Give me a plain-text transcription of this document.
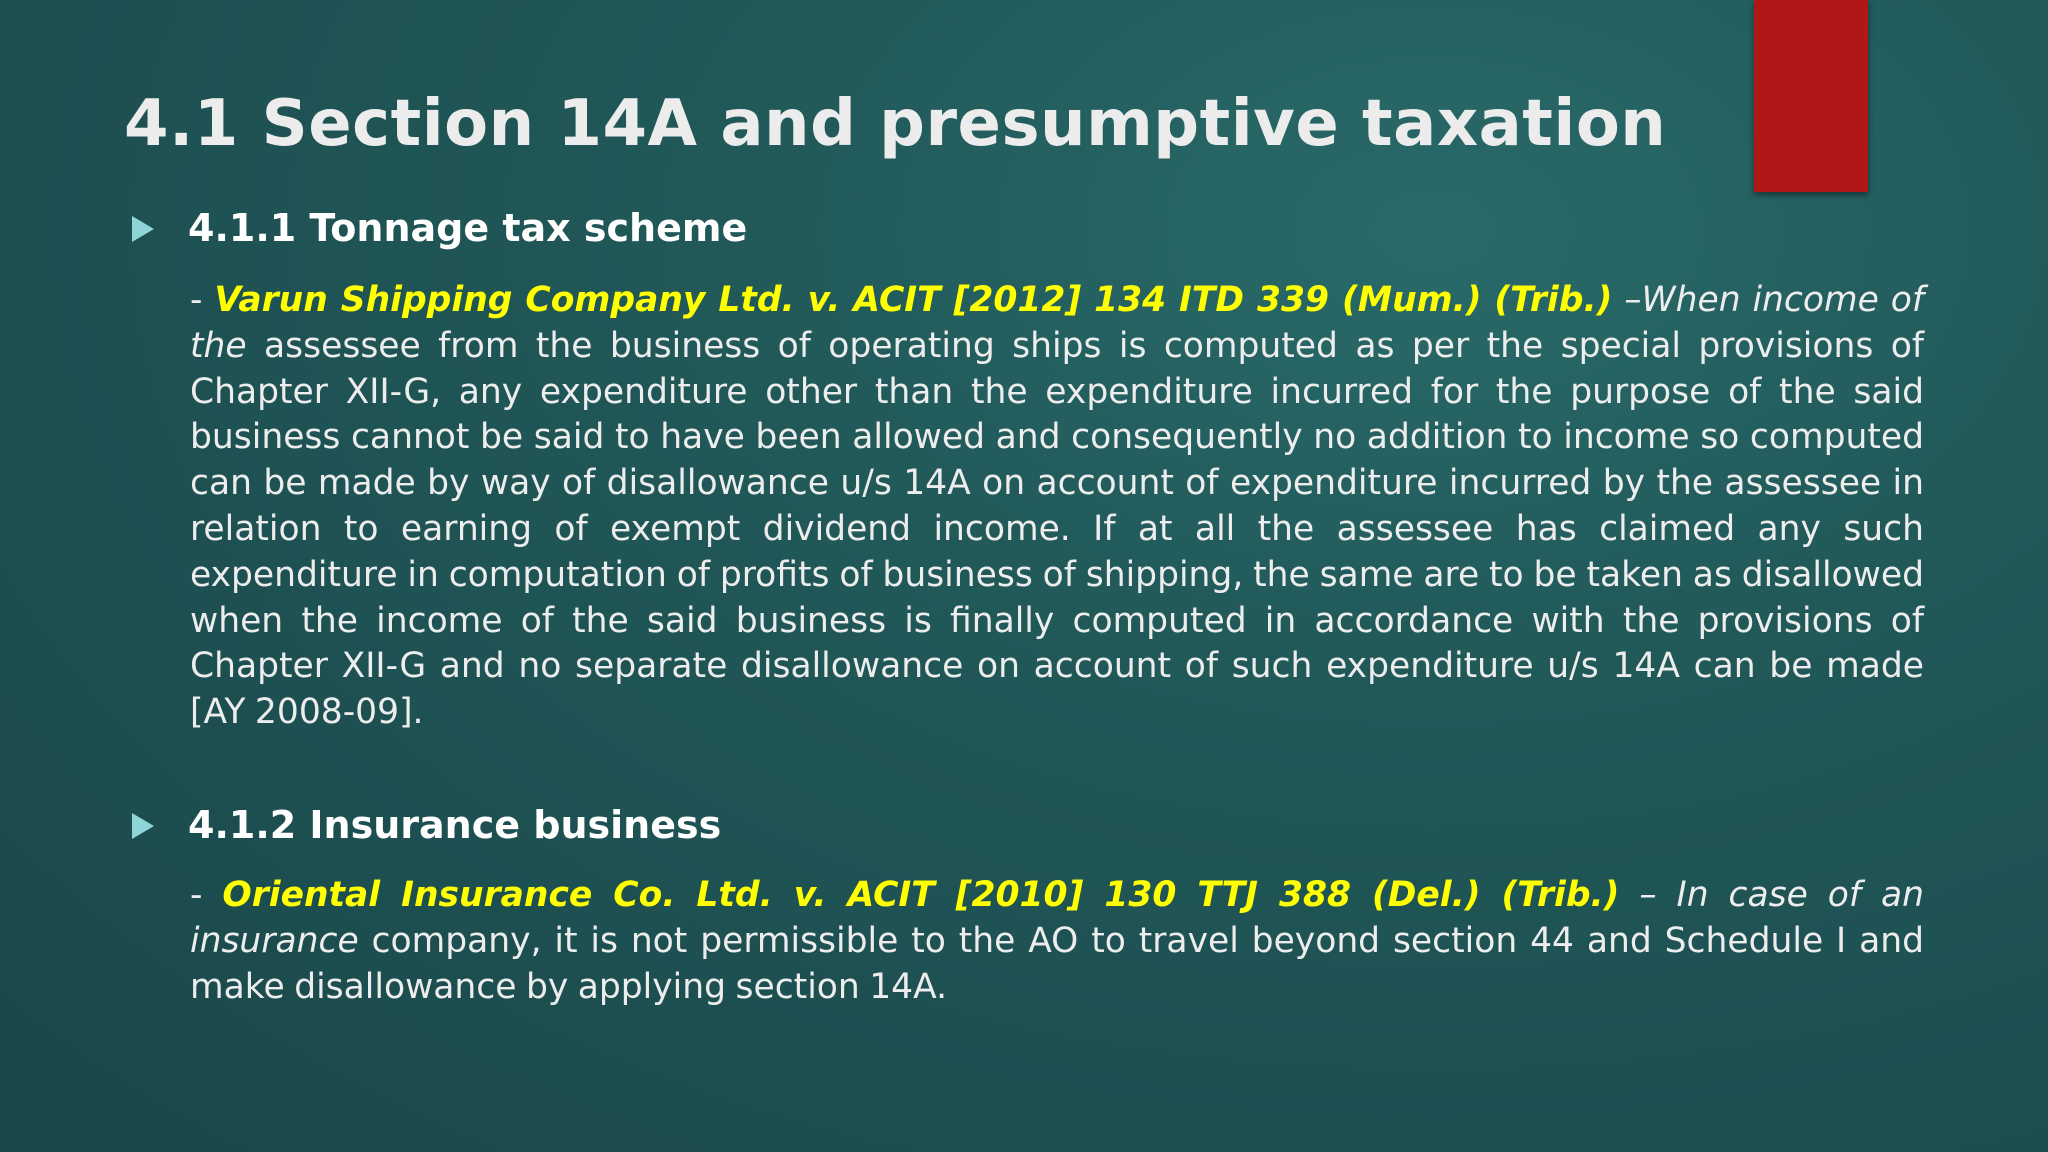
4.1 Section 14A and presumptive taxation
4.1.1 Tonnage tax scheme

- Varun Shipping Company Ltd. v. ACIT [2012] 134 ITD 339 (Mum.) (Trib.) –When income of the assessee from the business of operating ships is computed as per the special provisions of Chapter XII-G, any expenditure other than the expenditure incurred for the purpose of the said business cannot be said to have been allowed and consequently no addition to income so computed can be made by way of disallowance u/s 14A on account of expenditure incurred by the assessee in relation to earning of exempt dividend income. If at all the assessee has claimed any such expenditure in computation of profits of business of shipping, the same are to be taken as disallowed when the income of the said business is finally computed in accordance with the provisions of Chapter XII-G and no separate disallowance on account of such expenditure u/s 14A can be made [AY 2008-09].

4.1.2 Insurance business

- Oriental Insurance Co. Ltd. v. ACIT [2010] 130 TTJ 388 (Del.) (Trib.) – In case of an insurance company, it is not permissible to the AO to travel beyond section 44 and Schedule I and make disallowance by applying section 14A.
